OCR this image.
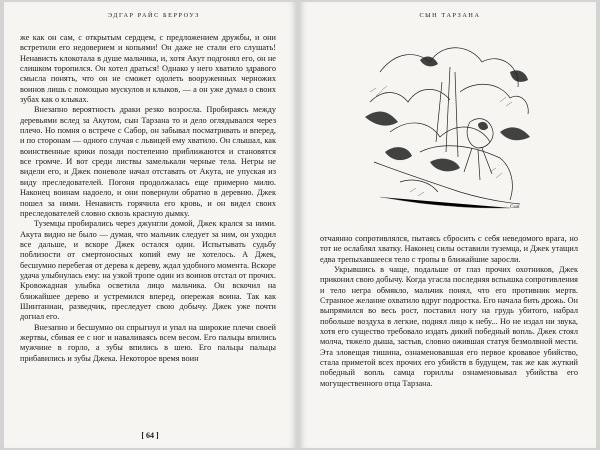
ЭДГАР РАЙС БЕРРОУЗ

же как он сам, с открытым сердцем, с предложением дружбы, и они встретили его недоверием и копьями! Он даже не стали его слушать! Ненависть клокотала в душе мальчика, и, хотя Акут подгонял его, он не слишком торопился. Он хотел драться! Однако у него хватило здравого смысла понять, что он не сможет одолеть вооруженных черножих воинов лишь с помощью мускулов и клыков, — а он уже думал о своих зубах как о клыках.

Внезапно вероятность драки резко возросла. Пробираясь между деревьями вслед за Акутом, сын Тарзана то и дело оглядывался через плечо. Но помня о встрече с Сабор, он забывал посматривать и вперед, и по сторонам — одного случая с львицей ему хватило. Он слышал, как воинственные крики позади постепенно приближаются и становятся все громче. И вот среди листвы замелькали черные тела. Негры не видели его, и Джек поневоле начал отставать от Акута, не упуская из виду преследователей. Погоня продолжалась еще примерно милю. Наконец воинам надоело, и они повернули обратно в деревню. Джек пошел за ними. Ненависть горячила его кровь, и он видел своих преследователей словно сквозь красную дымку.

Туземцы пробирались через джунгли домой, Джек крался за ними. Акута видно не было — думая, что мальчик следует за ним, он уходил все дальше, и вскоре Джек остался один. Испытывать судьбу поблизости от смертоносных копий ему не хотелось. А Джек, бесшумно перебегая от дерева к дереву, ждал удобного момента. Вскоре удача улыбнулась ему: на узкой тропе один из воинов отстал от прочих. Кровожадная улыбка осветила лицо мальчика. Он вскочил на ближайшее дерево и устремился вперед, опережая воина. Так как Шинтаниан, разведчик, преследует свою добычу. Джек уже почти догнал его.

Внезапно и бесшумно он спрыгнул и упал на широкие плечи своей жертвы, сбивая ее с ног и наваливаясь всем весом. Его пальцы впились мужчине в горло, а зубы впились в шею. Его пальцы пальцы прибавились и зубы Джека. Некоторое время воин

[ 64 ]
СЫН ТАРЗАНА
Сын

отчаянно сопротивлялся, пытаясь сбросить с себя неведомого врага, но тот не ослаблял хватку. Наконец силы оставили туземца, и Джек утащил едва трепыхавшееся тело с тропы в ближайшие заросли.

Укрывшись в чаще, подальше от глаз прочих охотников, Джек приконил свою добычу. Когда угасла последняя вспышка сопротивления и тело негра обмякло, мальчик понял, что его противник мертв. Странное желание охватило вдруг подростка. Его начала бить дрожь. Он выпрямился во весь рост, поставил ногу на грудь убитого, набрал побольше воздуха в легкие, поднял лицо к небу... Но не издал ни звука, хотя его существо требовало издать дикий победный вопль. Джек стоял молча, тяжело дыша, застыв, словно ожившая статуя безмолвной мести. Эта зловещая тишина, ознаменовавшая его первое кровавое убийство, стала приметой всех прочих его убийств в будущем, так же как жуткий победный вопль самца гориллы ознаменовывал убийства его могущественного отца Тарзана.
